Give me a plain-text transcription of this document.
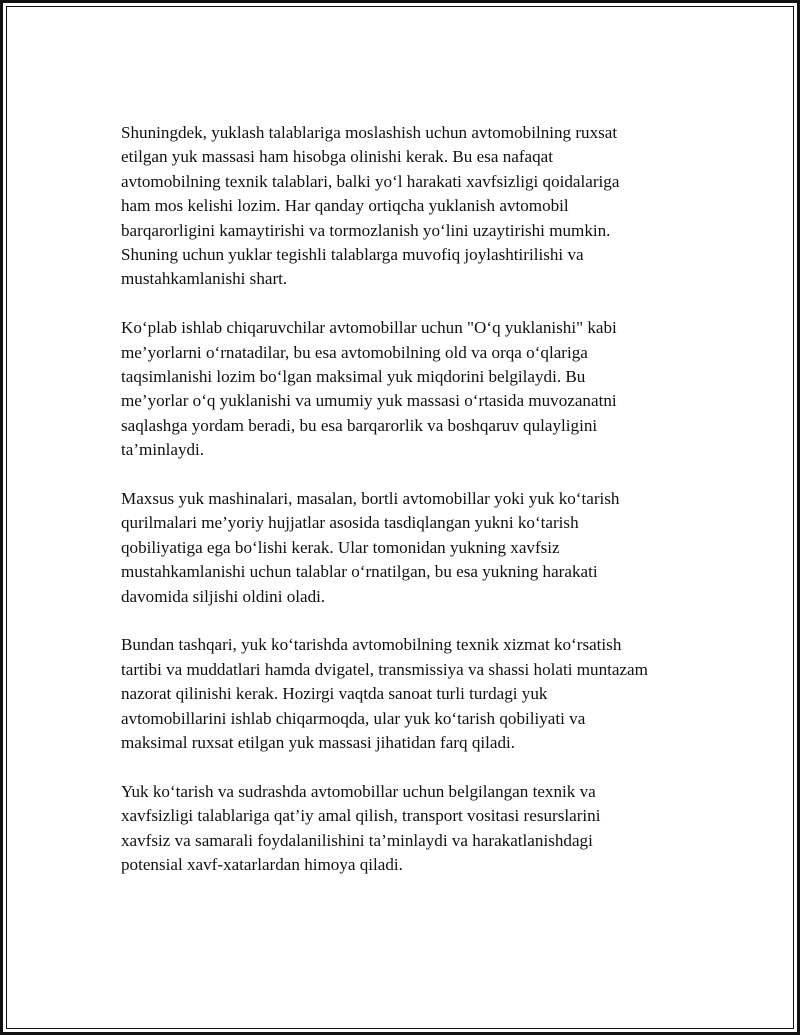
Shuningdek, yuklash talablariga moslashish uchun avtomobilning ruxsat
etilgan yuk massasi ham hisobga olinishi kerak. Bu esa nafaqat
avtomobilning texnik talablari, balki yo‘l harakati xavfsizligi qoidalariga
ham mos kelishi lozim. Har qanday ortiqcha yuklanish avtomobil
barqarorligini kamaytirishi va tormozlanish yo‘lini uzaytirishi mumkin.
Shuning uchun yuklar tegishli talablarga muvofiq joylashtirilishi va
mustahkamlanishi shart.

Ko‘plab ishlab chiqaruvchilar avtomobillar uchun "O‘q yuklanishi" kabi
me’yorlarni o‘rnatadilar, bu esa avtomobilning old va orqa o‘qlariga
taqsimlanishi lozim bo‘lgan maksimal yuk miqdorini belgilaydi. Bu
me’yorlar o‘q yuklanishi va umumiy yuk massasi o‘rtasida muvozanatni
saqlashga yordam beradi, bu esa barqarorlik va boshqaruv qulayligini
ta’minlaydi.

Maxsus yuk mashinalari, masalan, bortli avtomobillar yoki yuk ko‘tarish
qurilmalari me’yoriy hujjatlar asosida tasdiqlangan yukni ko‘tarish
qobiliyatiga ega bo‘lishi kerak. Ular tomonidan yukning xavfsiz
mustahkamlanishi uchun talablar o‘rnatilgan, bu esa yukning harakati
davomida siljishi oldini oladi.

Bundan tashqari, yuk ko‘tarishda avtomobilning texnik xizmat ko‘rsatish
tartibi va muddatlari hamda dvigatel, transmissiya va shassi holati muntazam
nazorat qilinishi kerak. Hozirgi vaqtda sanoat turli turdagi yuk
avtomobillarini ishlab chiqarmoqda, ular yuk ko‘tarish qobiliyati va
maksimal ruxsat etilgan yuk massasi jihatidan farq qiladi.

Yuk ko‘tarish va sudrashda avtomobillar uchun belgilangan texnik va
xavfsizligi talablariga qat’iy amal qilish, transport vositasi resurslarini
xavfsiz va samarali foydalanilishini ta’minlaydi va harakatlanishdagi
potensial xavf-xatarlardan himoya qiladi.
